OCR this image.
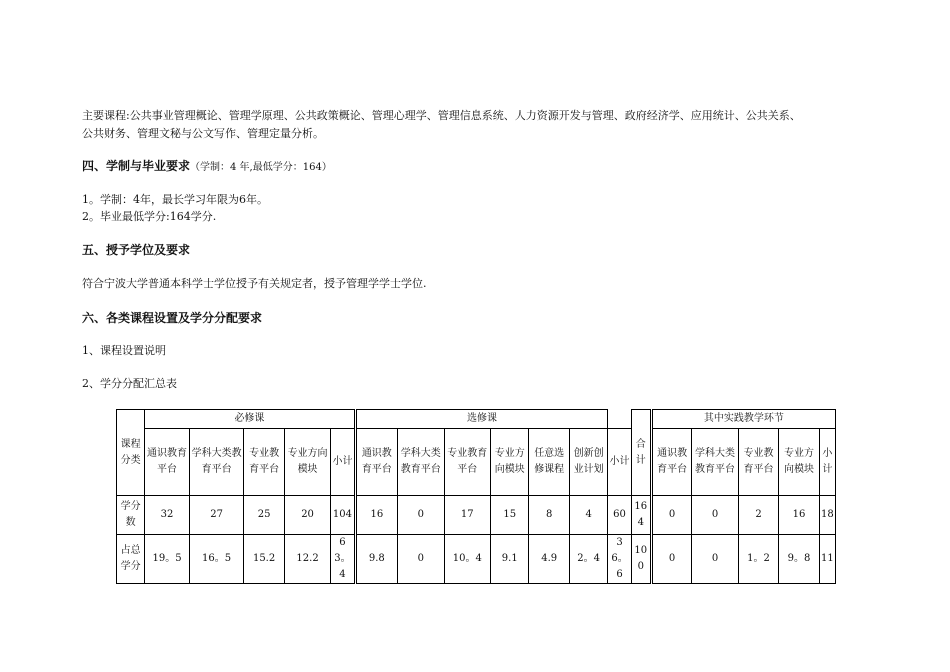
主要课程:公共事业管理概论、管理学原理、公共政策概论、管理心理学、管理信息系统、人力资源开发与管理、政府经济学、应用统计、公共关系、

公共财务、管理文秘与公文写作、管理定量分析。

四、学制与毕业要求（学制：4 年,最低学分：164）

1。学制：4年，最长学习年限为6年。

2。毕业最低学分:164学分.

五、授予学位及要求

符合宁波大学普通本科学士学位授予有关规定者，授予管理学学士学位.

六、各类课程设置及学分分配要求

1、课程设置说明

2、学分分配汇总表

课程分类	必修课					选修课							合计	其中实践教学环节				
	通识教育平台	学科大类教育平台	专业教育平台	专业方向模块	小计	通识教育平台	学科大类教育平台	专业教育平台	专业方向模块	任意选修课程	创新创业计划	小计		通识教育平台	学科大类教育平台	专业教育平台	专业方向模块	小计
学分数	32	27	25	20	104	16	0	17	15	8	4	60	164	0	0	2	16	18
占总学分	19。5	16。5	15.2	12.2	63。4	9.8	0	10。4	9.1	4.9	2。4	36。6	100	0	0	1。2	9。8	11
